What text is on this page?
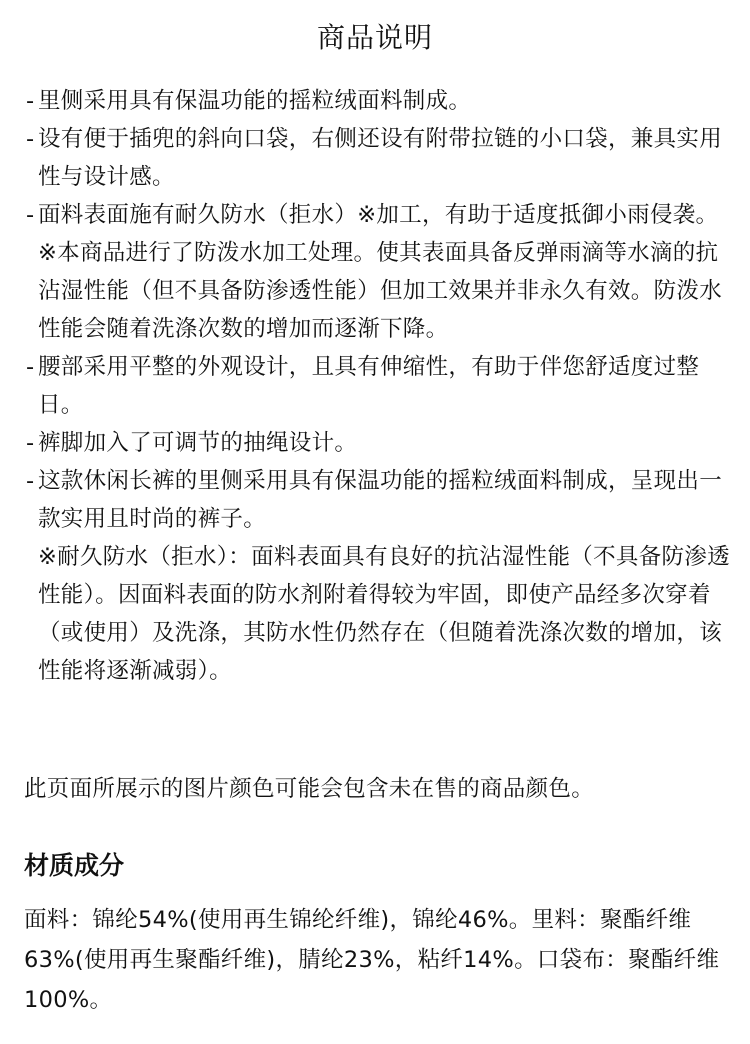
商品说明
- 里侧采用具有保温功能的摇粒绒面料制成。
- 设有便于插兜的斜向口袋，右侧还设有附带拉链的小口袋，兼具实用性与设计感。
- 面料表面施有耐久防水（拒水）※加工，有助于适度抵御小雨侵袭。※本商品进行了防泼水加工处理。使其表面具备反弹雨滴等水滴的抗沾湿性能（但不具备防渗透性能）但加工效果并非永久有效。防泼水性能会随着洗涤次数的增加而逐渐下降。
- 腰部采用平整的外观设计，且具有伸缩性，有助于伴您舒适度过整日。
- 裤脚加入了可调节的抽绳设计。
- 这款休闲长裤的里侧采用具有保温功能的摇粒绒面料制成，呈现出一款实用且时尚的裤子。
※耐久防水（拒水）：面料表面具有良好的抗沾湿性能（不具备防渗透性能）。因面料表面的防水剂附着得较为牢固，即使产品经多次穿着（或使用）及洗涤，其防水性仍然存在（但随着洗涤次数的增加，该性能将逐渐减弱）。
此页面所展示的图片颜色可能会包含未在售的商品颜色。
材质成分
面料：锦纶54%(使用再生锦纶纤维)，锦纶46%。里料：聚酯纤维63%(使用再生聚酯纤维)，腈纶23%，粘纤14%。口袋布：聚酯纤维100%。
